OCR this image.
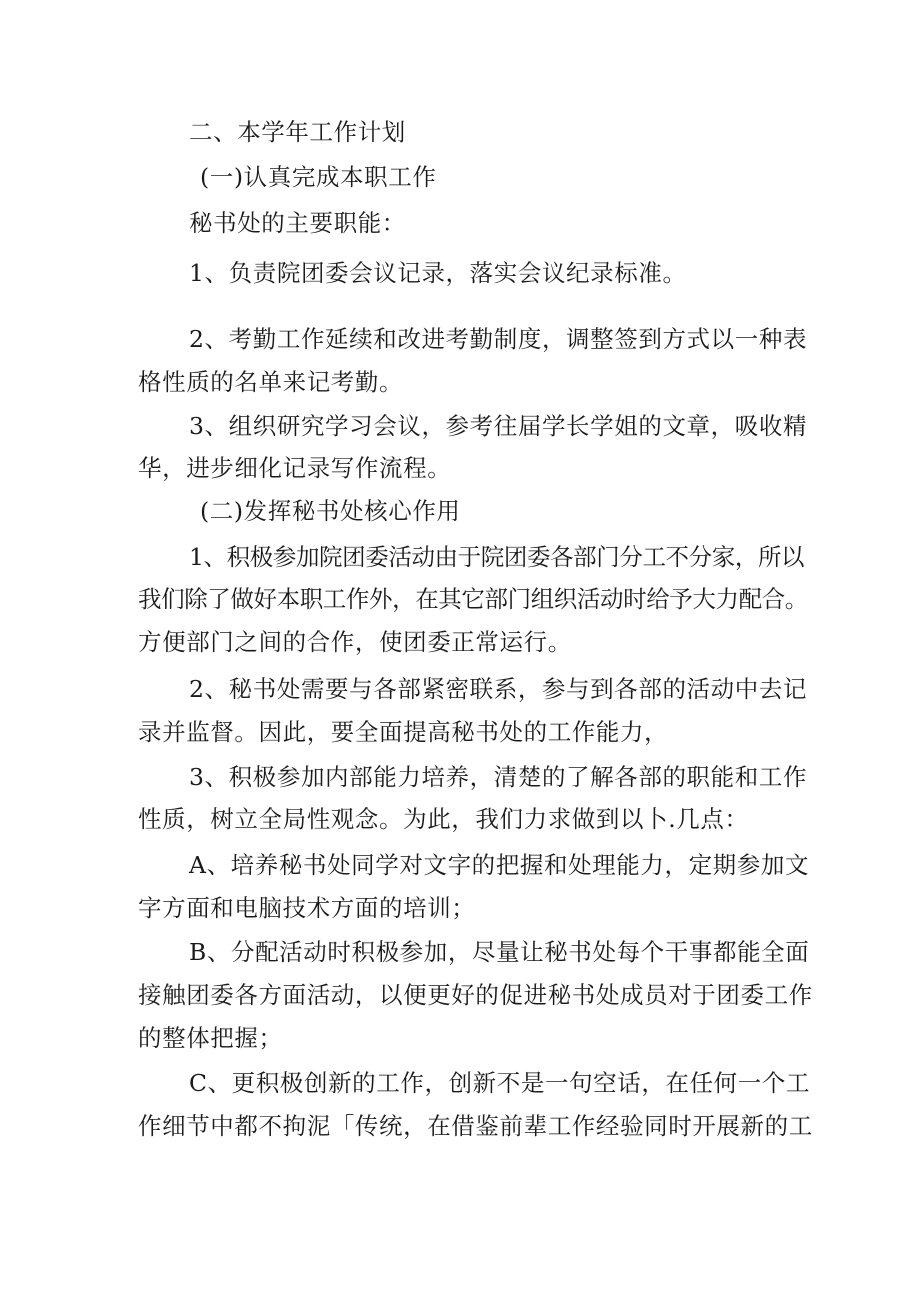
二、本学年工作计划
(一)认真完成本职工作
秘书处的主要职能：
1、负责院团委会议记录，落实会议纪录标准。
2、考勤工作延续和改进考勤制度，调整签到方式以一种表
格性质的名单来记考勤。
3、组织研究学习会议，参考往届学长学姐的文章，吸收精
华，进步细化记录写作流程。
(二)发挥秘书处核心作用
1、积极参加院团委活动由于院团委各部门分工不分家，所以
我们除了做好本职工作外，在其它部门组织活动时给予大力配合。
方便部门之间的合作，使团委正常运行。
2、秘书处需要与各部紧密联系，参与到各部的活动中去记
录并监督。因此，要全面提高秘书处的工作能力，
3、积极参加内部能力培养，清楚的了解各部的职能和工作
性质，树立全局性观念。为此，我们力求做到以卜.几点：
A、培养秘书处同学对文字的把握和处理能力，定期参加文
字方面和电脑技术方面的培训；
B、分配活动时积极参加，尽量让秘书处每个干事都能全面
接触团委各方面活动，以便更好的促进秘书处成员对于团委工作
的整体把握；
C、更积极创新的工作，创新不是一句空话，在任何一个工
作细节中都不拘泥「传统，在借鉴前辈工作经验同时开展新的工
